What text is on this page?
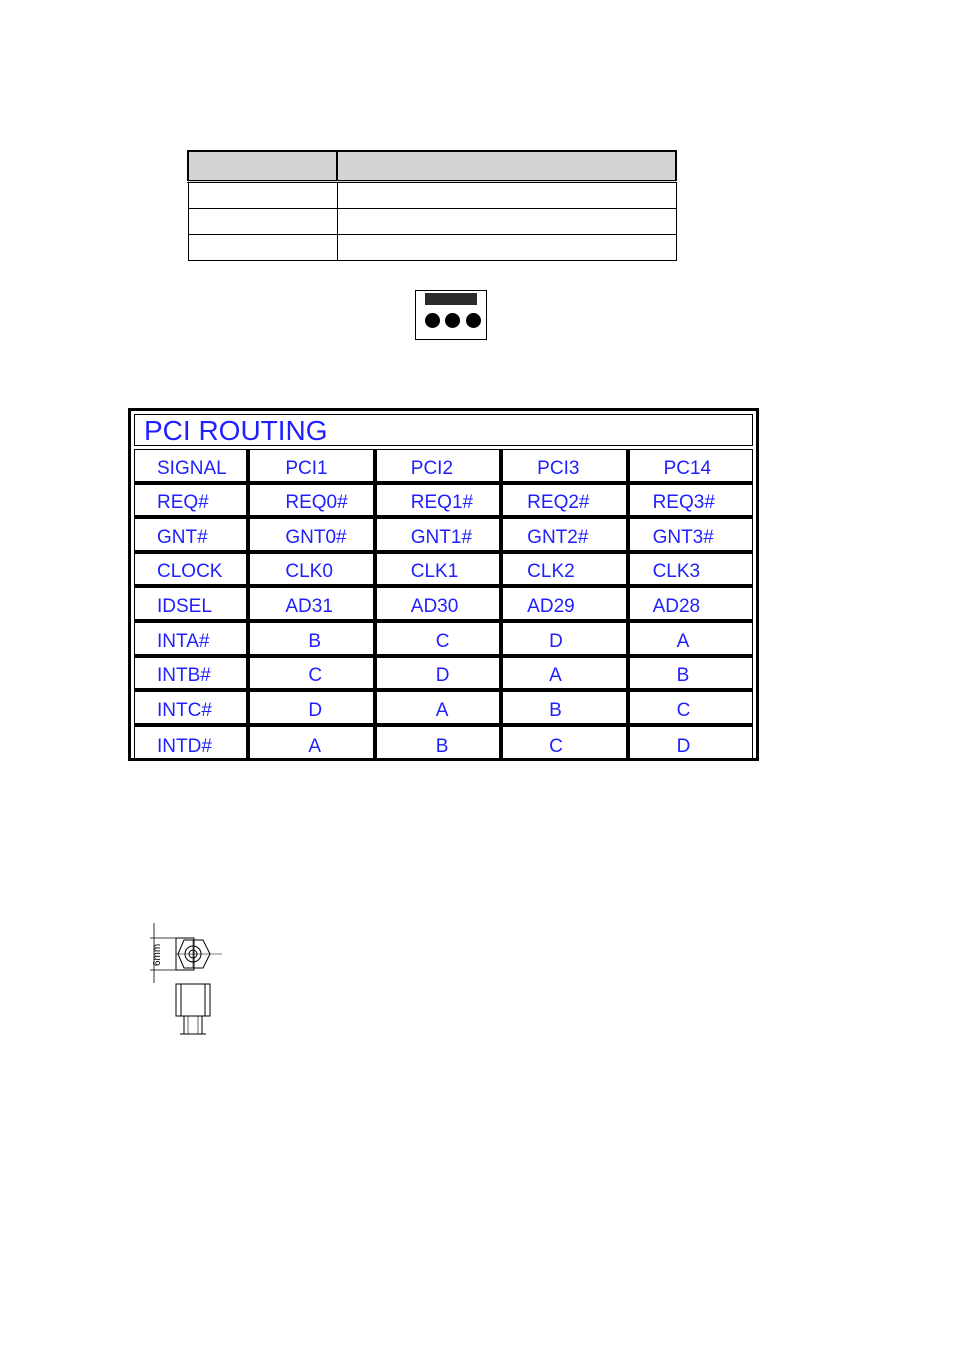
PCI ROUTING
SIGNAL	PCI1	PCI2	PCI3	PC14
REQ#	REQ0#	REQ1#	REQ2#	REQ3#
GNT#	GNT0#	GNT1#	GNT2#	GNT3#
CLOCK	CLK0	CLK1	CLK2	CLK3
IDSEL	AD31	AD30	AD29	AD28
INTA#	B	C	D	A
INTB#	C	D	A	B
INTC#	D	A	B	C
INTD#	A	B	C	D
6mm
